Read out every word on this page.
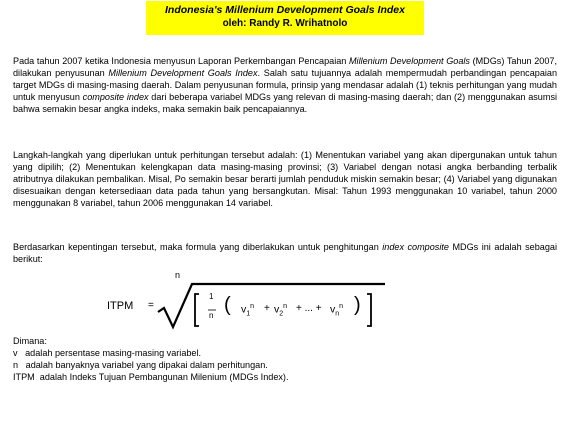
Indonesia's Millenium Development Goals Index
oleh: Randy R. Wrihatnolo

Pada tahun 2007 ketika Indonesia menyusun Laporan Perkembangan Pencapaian Millenium Development Goals (MDGs) Tahun 2007, dilakukan penyusunan Millenium Development Goals Index. Salah satu tujuannya adalah mempermudah perbandingan pencapaian target MDGs di masing-masing daerah. Dalam penyusunan formula, prinsip yang mendasar adalah (1) teknis perhitungan yang mudah untuk menyusun composite index dari beberapa variabel MDGs yang relevan di masing-masing daerah; dan (2) menggunakan asumsi bahwa semakin besar angka indeks, maka semakin baik pencapaiannya.

Langkah-langkah yang diperlukan untuk perhitungan tersebut adalah: (1) Menentukan variabel yang akan dipergunakan untuk tahun yang dipilih; (2) Menentukan kelengkapan data masing-masing provinsi; (3) Variabel dengan notasi angka berbanding terbalik atributnya dilakukan pembalikan. Misal, Po semakin besar berarti jumlah penduduk miskin semakin besar; (4) Variabel yang digunakan disesuaikan dengan ketersediaan data pada tahun yang bersangkutan. Misal: Tahun 1993 menggunakan 10 variabel, tahun 2000 menggunakan 8 variabel, tahun 2006 menggunakan 14 variabel.

Berdasarkan kepentingan tersebut, maka formula yang diberlakukan untuk penghitungan index composite MDGs ini adalah sebagai berikut:

ITPM =
n
1
n ( $v_1^n + v_2^n$ + ... + $v_n^n$ )
Dimana:
v   adalah persentase masing-masing variabel.
n   adalah banyaknya variabel yang dipakai dalam perhitungan.
ITPM  adalah Indeks Tujuan Pembangunan Milenium (MDGs Index).
